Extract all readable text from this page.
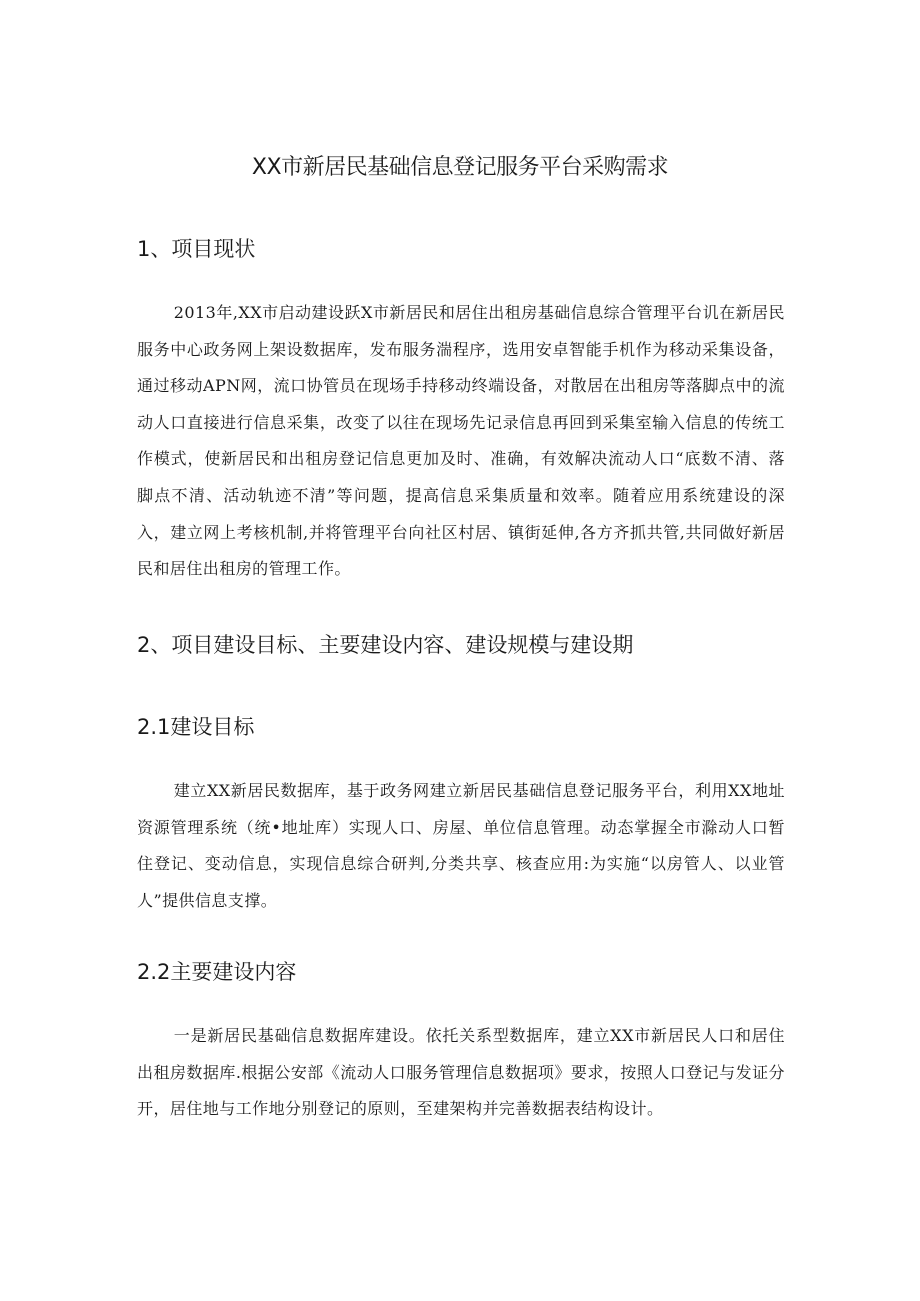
XX市新居民基础信息登记服务平台采购需求
1、项目现状

2013年,XX市启动建设跃X市新居民和居住出租房基础信息综合管理平台讥在新居民服务中心政务网上架设数据库，发布服务湍程序，选用安卓智能手机作为移动采集设备，通过移动APN网，流口协管员在现场手持移动终端设备，对散居在出租房等落脚点中的流动人口直接进行信息采集，改变了以往在现场先记录信息再回到采集室输入信息的传统工作模式，使新居民和出租房登记信息更加及时、准确，有效解决流动人口“底数不清、落脚点不清、活动轨迹不清”等问题，提高信息采集质量和效率。随着应用系统建设的深入，建立网上考核机制,并将管理平台向社区村居、镇街延伸,各方齐抓共管,共同做好新居民和居住出租房的管理工作。

2、项目建设目标、主要建设内容、建设规模与建设期
2.1建设目标

建立XX新居民数据库，基于政务网建立新居民基础信息登记服务平台，利用XX地址资源管理系统（统•地址库）实现人口、房屋、单位信息管理。动态掌握全市滁动人口暂住登记、变动信息，实现信息综合研判,分类共享、核查应用:为实施“以房管人、以业管人”提供信息支撑。

2.2主要建设内容

一是新居民基础信息数据库建设。依托关系型数据库，建立XX市新居民人口和居住出租房数据库.根据公安部《流动人口服务管理信息数据项》要求，按照人口登记与发证分开，居住地与工作地分别登记的原则，至建架构并完善数据表结构设计。
